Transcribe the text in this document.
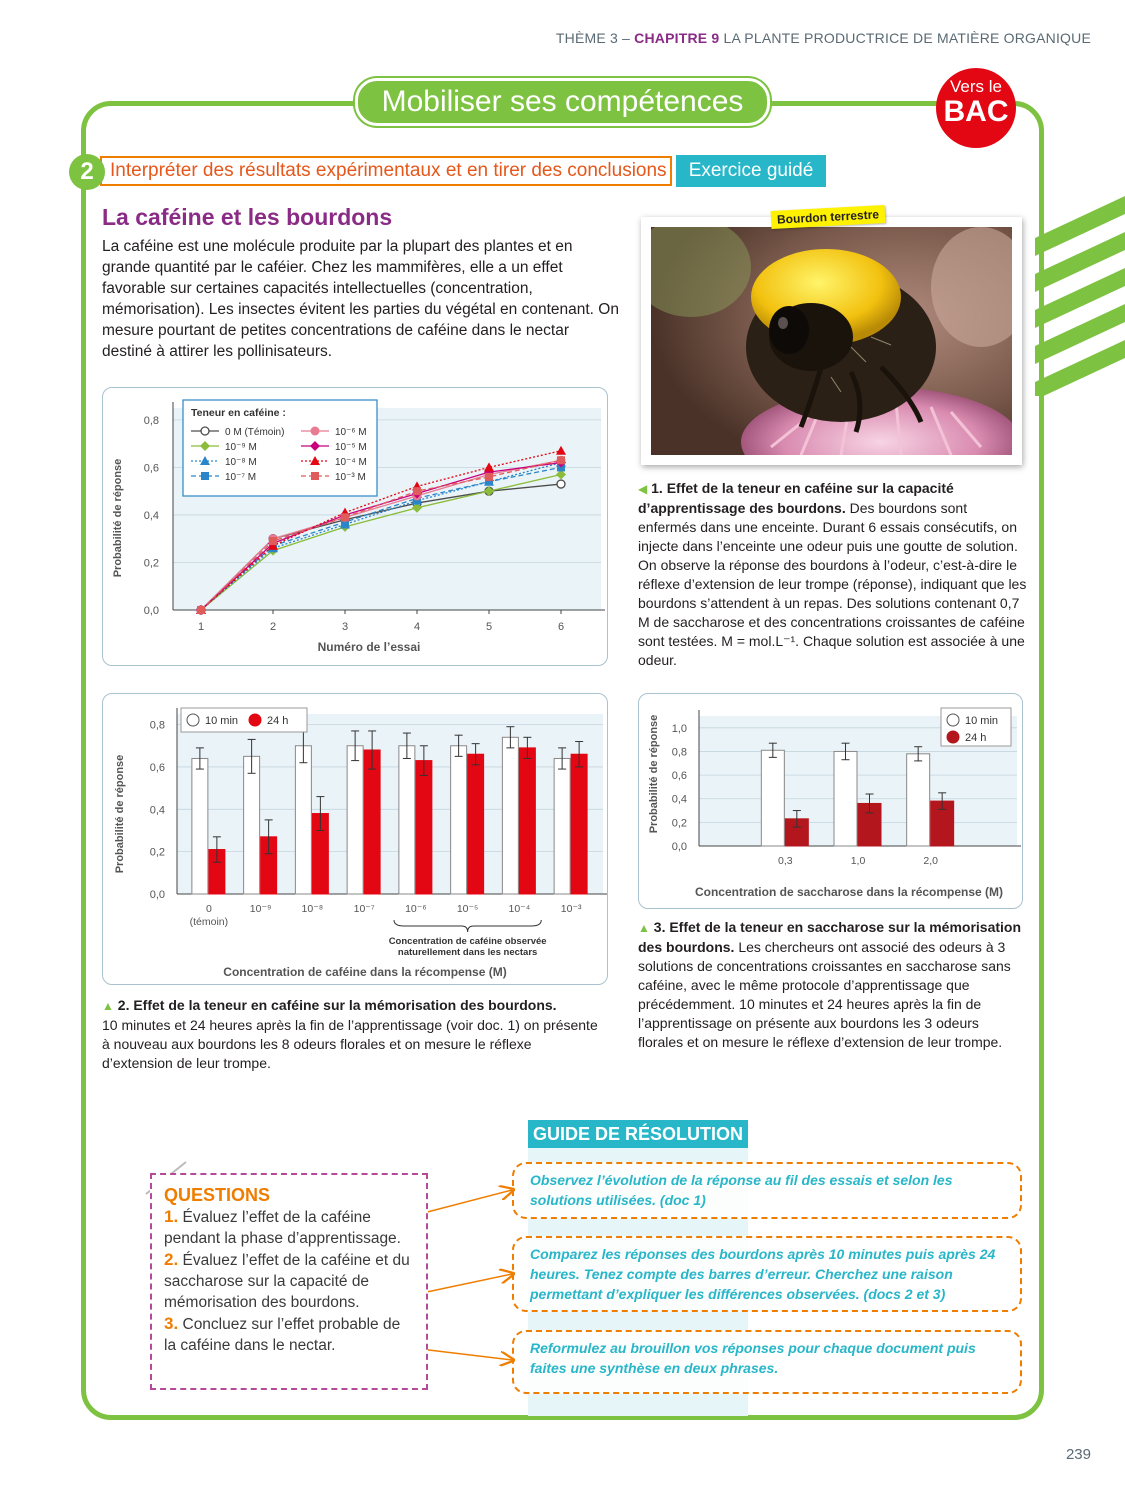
THÈME 3 – CHAPITRE 9 LA PLANTE PRODUCTRICE DE MATIÈRE ORGANIQUE
Mobiliser ses compétences	Vers le
BAC
Interpréter des résultats expérimentaux et en tirer des conclusions
2	Exercice guidé
La caféine et les bourdons
La caféine est une molécule produite par la plupart des plantes et en grande quantité par le caféier. Chez les mammifères, elle a un effet favorable sur certaines capacités intellectuelles (concentration, mémorisation). Les insectes évitent les parties du végétal en contenant. On mesure pourtant de petites concentrations de caféine dans le nectar destiné à attirer les pollinisateurs.
Bourdon terrestre
Probabilité de réponse
Numéro de l’essai
0,0
0,2
0,4
0,6
0,8
1	2	3	4	5	6
Teneur en caféine :
0 M (Témoin)
10⁻⁹ M
10⁻⁸ M
10⁻⁷ M
10⁻⁶ M
10⁻⁵ M
10⁻⁴ M
10⁻³ M
◀ 1. Effet de la teneur en caféine sur la capacité d’apprentissage des bourdons. Des bourdons sont enfermés dans une enceinte. Durant 6 essais consécutifs, on injecte dans l’enceinte une odeur puis une goutte de solution. On observe la réponse des bourdons à l’odeur, c’est-à-dire le réflexe d’extension de leur trompe (réponse), indiquant que les bourdons s’attendent à un repas. Des solutions contenant 0,7 M de saccharose et des concentrations croissantes de caféine sont testées. M = mol.L⁻¹. Chaque solution est associée à une odeur.
Probabilité de réponse
Concentration de caféine dans la récompense (M)
0,0
0,2
0,4
0,6
0,8
0
(témoin)
10⁻⁹	10⁻⁸	10⁻⁷	10⁻⁶	10⁻⁵	10⁻⁴	10⁻³
10 min	24 h
Concentration de caféine observée
naturellement dans les nectars
▲ 2. Effet de la teneur en caféine sur la mémorisation des bourdons.
10 minutes et 24 heures après la fin de l’apprentissage (voir doc. 1) on présente à nouveau aux bourdons les 8 odeurs florales et on mesure le réflexe d’extension de leur trompe.
Probabilité de réponse
Concentration de saccharose dans la récompense (M)
0,0
0,2
0,4
0,6
0,8
1,0
0,3	1,0	2,0
10 min
24 h
▲ 3. Effet de la teneur en saccharose sur la mémorisation des bourdons. Les chercheurs ont associé des odeurs à 3 solutions de concentrations croissantes en saccharose sans caféine, avec le même protocole d’apprentissage que précédemment. 10 minutes et 24 heures après la fin de l’apprentissage on présente aux bourdons les 3 odeurs florales et on mesure le réflexe d’extension de leur trompe.
GUIDE DE RÉSOLUTION
Observez l’évolution de la réponse au fil des essais et selon les solutions utilisées. (doc 1)
Comparez les réponses des bourdons après 10 minutes puis après 24 heures. Tenez compte des barres d’erreur. Cherchez une raison permettant d’expliquer les différences observées. (docs 2 et 3)
Reformulez au brouillon vos réponses pour chaque document puis faites une synthèse en deux phrases.
QUESTIONS
1. Évaluez l’effet de la caféine pendant la phase d’apprentissage.
2. Évaluez l’effet de la caféine et du saccharose sur la capacité de mémorisation des bourdons.
3. Concluez sur l’effet probable de la caféine dans le nectar.
239
